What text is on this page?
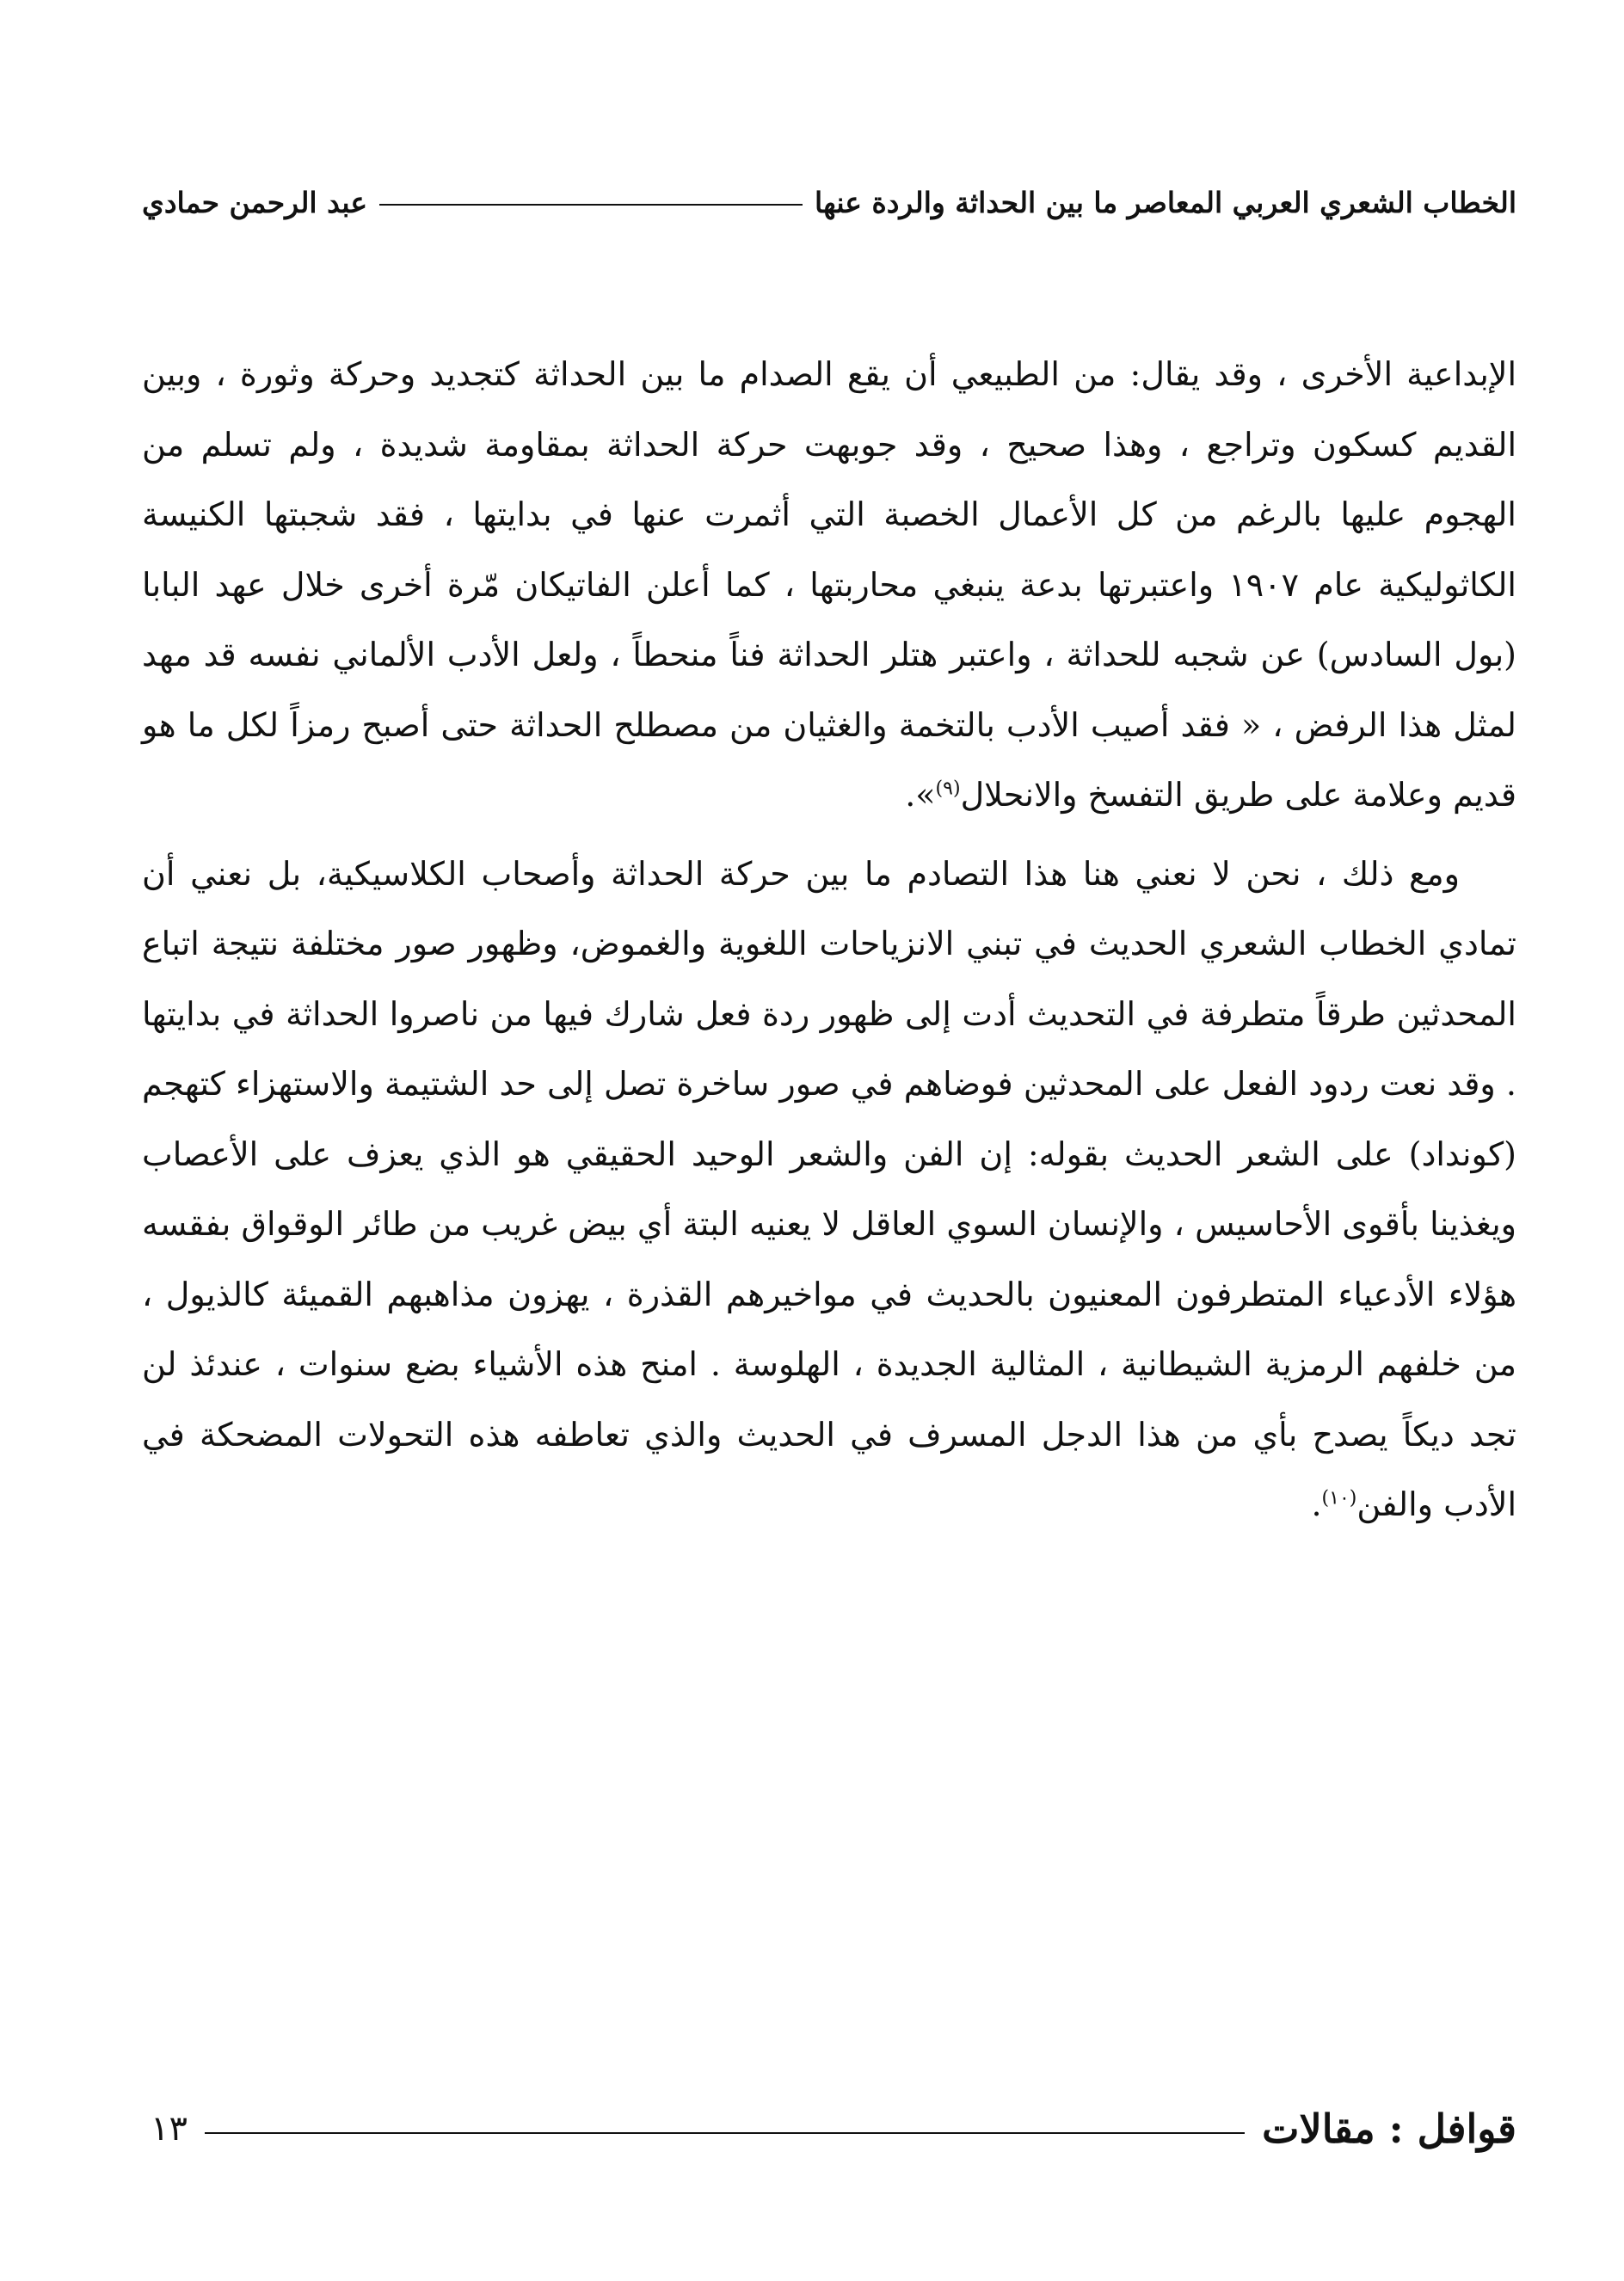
الخطاب الشعري العربي المعاصر ما بين الحداثة والردة عنها
عبد الرحمن حمادي

الإبداعية الأخرى ، وقد يقال: من الطبيعي أن يقع الصدام ما بين الحداثة كتجديد وحركة وثورة ، وبين القديم كسكون وتراجع ، وهذا صحيح ، وقد جوبهت حركة الحداثة بمقاومة شديدة ، ولم تسلم من الهجوم عليها بالرغم من كل الأعمال الخصبة التي أثمرت عنها في بدايتها ، فقد شجبتها الكنيسة الكاثوليكية عام ١٩٠٧ واعتبرتها بدعة ينبغي محاربتها ، كما أعلن الفاتيكان مّرة أخرى خلال عهد البابا (بول السادس) عن شجبه للحداثة ، واعتبر هتلر الحداثة فناً منحطاً ، ولعل الأدب الألماني نفسه قد مهد لمثل هذا الرفض ، « فقد أصيب الأدب بالتخمة والغثيان من مصطلح الحداثة حتى أصبح رمزاً لكل ما هو قديم وعلامة على طريق التفسخ والانحلال$^{(٩)}$».

ومع ذلك ، نحن لا نعني هنا هذا التصادم ما بين حركة الحداثة وأصحاب الكلاسيكية، بل نعني أن تمادي الخطاب الشعري الحديث في تبني الانزياحات اللغوية والغموض، وظهور صور مختلفة نتيجة اتباع المحدثين طرقاً متطرفة في التحديث أدت إلى ظهور ردة فعل شارك فيها من ناصروا الحداثة في بدايتها . وقد نعت ردود الفعل على المحدثين فوضاهم في صور ساخرة تصل إلى حد الشتيمة والاستهزاء كتهجم (كونداد) على الشعر الحديث بقوله: إن الفن والشعر الوحيد الحقيقي هو الذي يعزف على الأعصاب ويغذينا بأقوى الأحاسيس ، والإنسان السوي العاقل لا يعنيه البتة أي بيض غريب من طائر الوقواق بفقسه هؤلاء الأدعياء المتطرفون المعنيون بالحديث في مواخيرهم القذرة ، يهزون مذاهبهم القميئة كالذيول ، من خلفهم الرمزية الشيطانية ، المثالية الجديدة ، الهلوسة . امنح هذه الأشياء بضع سنوات ، عندئذ لن تجد ديكاً يصدح بأي من هذا الدجل المسرف في الحديث والذي تعاطفه هذه التحولات المضحكة في الأدب والفن$^{(١٠)}$.

قوافل : مقالات
١٣
